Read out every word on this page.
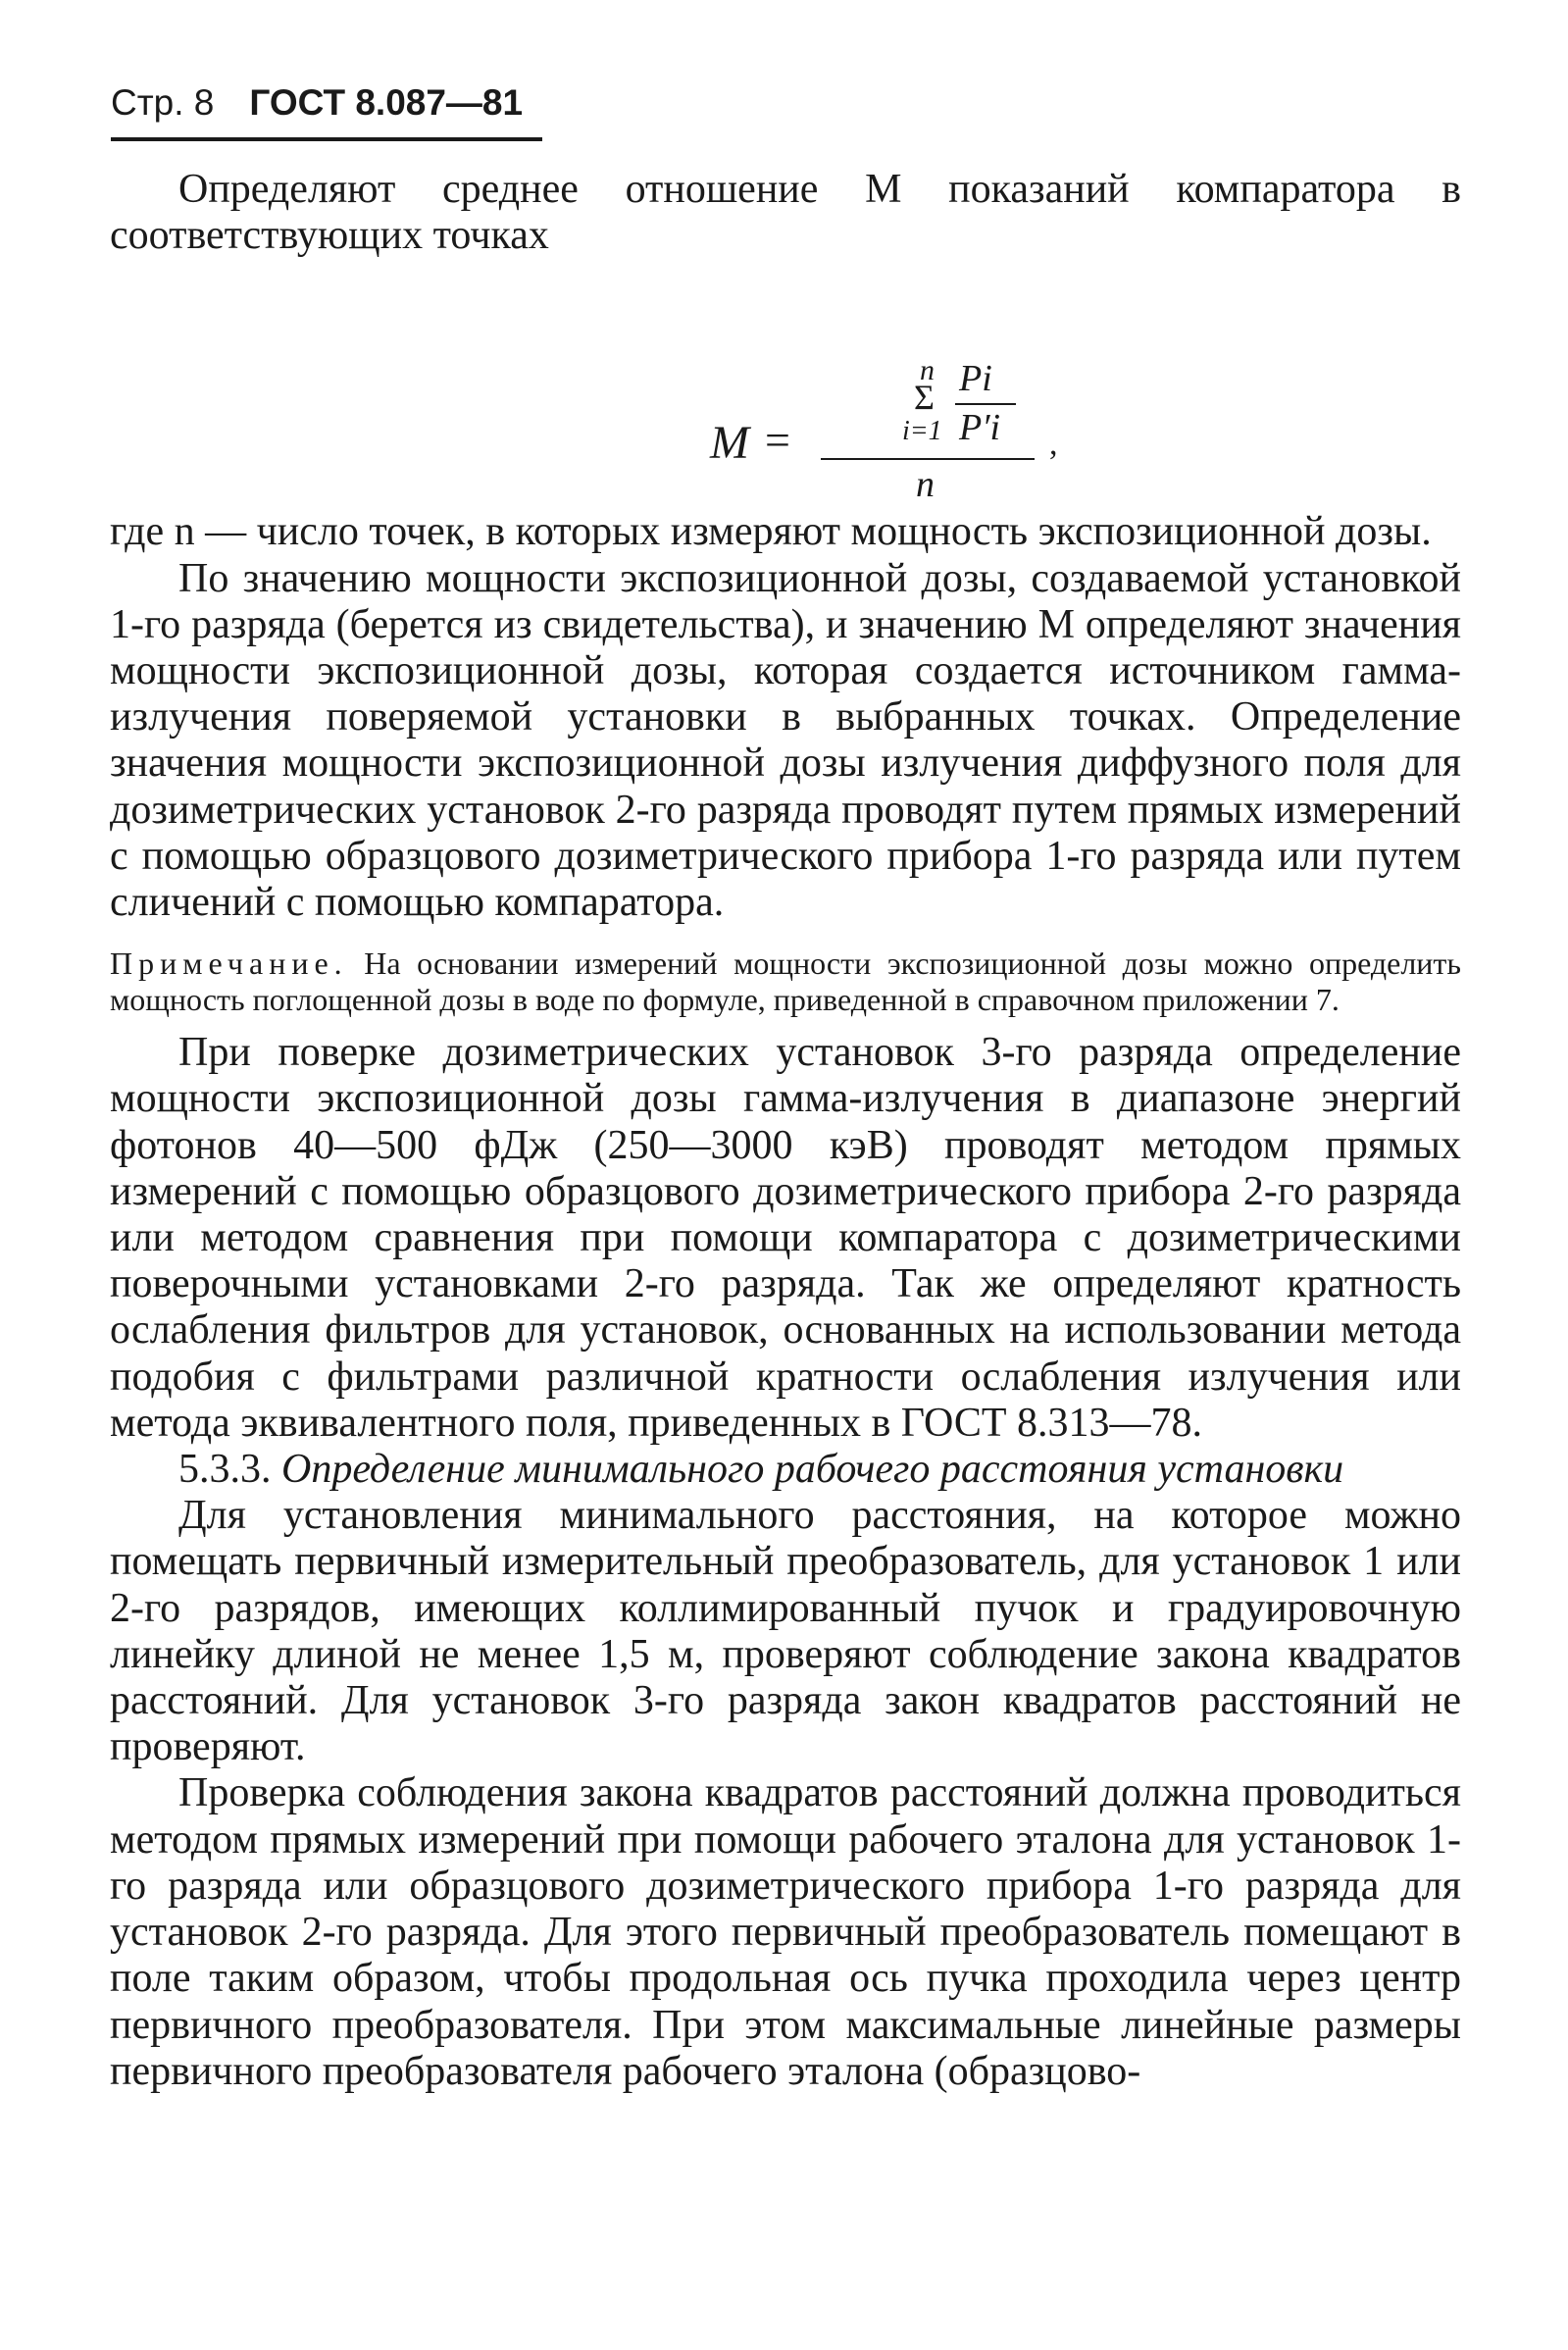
Стр. 8 ГОСТ 8.087—81

Определяют среднее отношение M показаний компаратора в соответствующих точках

M =
n
Σ
i=1
Pi
P′i
n
,

где n — число точек, в которых измеряют мощность экспозиционной дозы.

По значению мощности экспозиционной дозы, создаваемой установкой 1-го разряда (берется из свидетельства), и значению M определяют значения мощности экспозиционной дозы, которая создается источником гамма-излучения поверяемой установки в выбранных точках. Определение значения мощности экспозиционной дозы излучения диффузного поля для дозиметрических установок 2-го разряда проводят путем прямых измерений с помощью образцового дозиметрического прибора 1-го разряда или путем сличений с помощью компаратора.

Примечание. На основании измерений мощности экспозиционной дозы можно определить мощность поглощенной дозы в воде по формуле, приведенной в справочном приложении 7.

При поверке дозиметрических установок 3-го разряда определение мощности экспозиционной дозы гамма-излучения в диапазоне энергий фотонов 40—500 фДж (250—3000 кэВ) проводят методом прямых измерений с помощью образцового дозиметрического прибора 2-го разряда или методом сравнения при помощи компаратора с дозиметрическими поверочными установками 2-го разряда. Так же определяют кратность ослабления фильтров для установок, основанных на использовании метода подобия с фильтрами различной кратности ослабления излучения или метода эквивалентного поля, приведенных в ГОСТ 8.313—78.

5.3.3. Определение минимального рабочего расстояния установки

Для установления минимального расстояния, на которое можно помещать первичный измерительный преобразователь, для установок 1 или 2-го разрядов, имеющих коллимированный пучок и градуировочную линейку длиной не менее 1,5 м, проверяют соблюдение закона квадратов расстояний. Для установок 3-го разряда закон квадратов расстояний не проверяют.

Проверка соблюдения закона квадратов расстояний должна проводиться методом прямых измерений при помощи рабочего эталона для установок 1-го разряда или образцового дозиметрического прибора 1-го разряда для установок 2-го разряда. Для этого первичный преобразователь помещают в поле таким образом, чтобы продольная ось пучка проходила через центр первичного преобразователя. При этом максимальные линейные размеры первичного преобразователя рабочего эталона (образцово-
